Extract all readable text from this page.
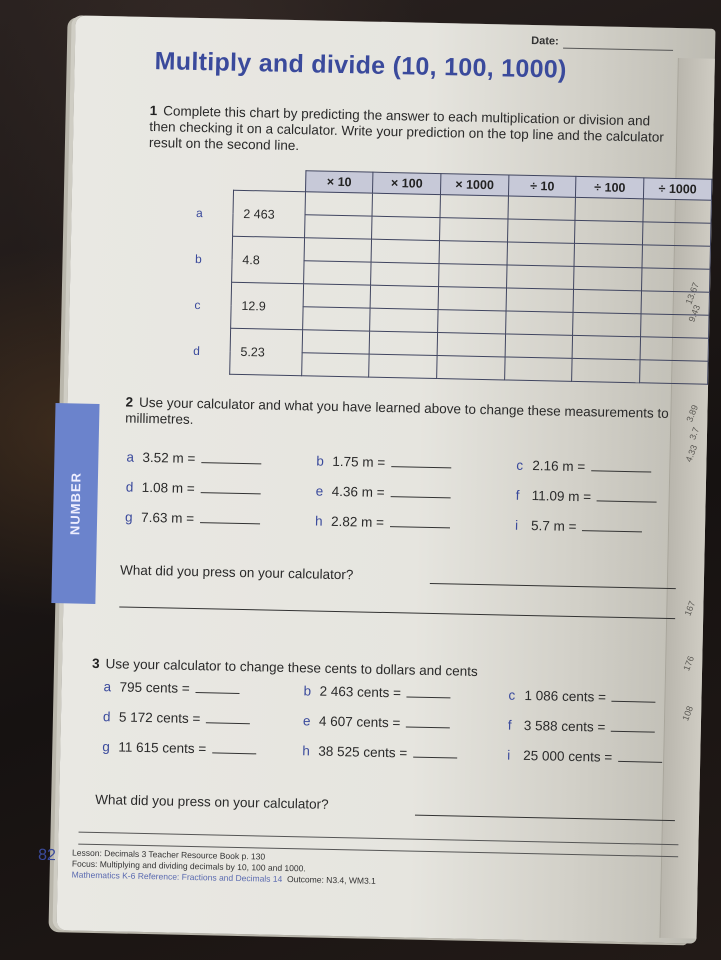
13.67
9.43
3.89
3.7
4.33
167
176
108
Date:
Multiply and divide (10, 100, 1000)
1 Complete this chart by predicting the answer to each multiplication or division and then checking it on a calculator. Write your prediction on the top line and the calculator result on the second line.
		× 10	× 100	× 1000	÷ 10	÷ 100	÷ 1000
a	2 463						

b	4.8						

c	12.9						

d	5.23						

NUMBER
2 Use your calculator and what you have learned above to change these measurements to millimetres.
a 3.52 m =	b 1.75 m =	c 2.16 m =
d 1.08 m =	e 4.36 m =	f 11.09 m =
g 7.63 m =	h 2.82 m =	i 5.7 m =
What did you press on your calculator?
3 Use your calculator to change these cents to dollars and cents
a 795 cents =	b 2 463 cents =	c 1 086 cents =
d 5 172 cents =	e 4 607 cents =	f 3 588 cents =
g 11 615 cents =	h 38 525 cents =	i 25 000 cents =
What did you press on your calculator?
82 Lesson: Decimals 3 Teacher Resource Book p. 130
Focus: Multiplying and dividing decimals by 10, 100 and 1000.
Mathematics K-6 Reference: Fractions and Decimals 14 Outcome: N3.4, WM3.1
